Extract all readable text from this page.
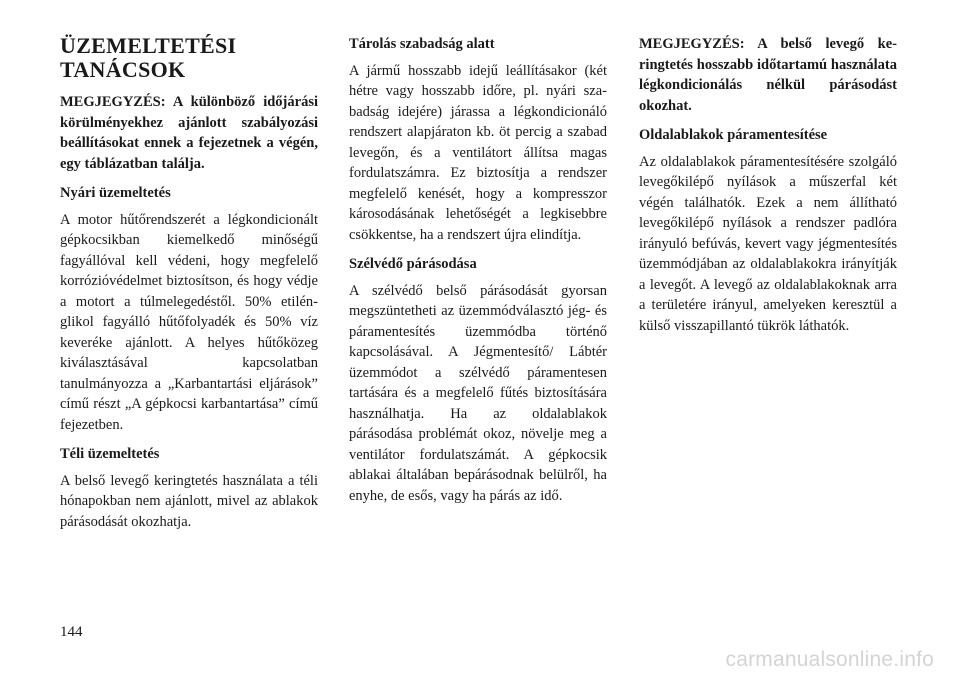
ÜZEMELTETÉSI
TANÁCSOK

MEGJEGYZÉS: A különböző időjárási körülményekhez ajánlott szabályozási beállításokat ennek a fejezetnek a végén, egy táblázatban találja.

Nyári üzemeltetés

A motor hűtőrendszerét a légkondicionált gépkocsikban kiemelkedő minőségű fagyállóval kell védeni, hogy megfelelő korrózióvédelmet biztosítson, és hogy védje a motort a túlmelegedéstől. 50% etilén-glikol fagyálló hűtőfolyadék és 50% víz keveréke ajánlott. A helyes hűtőközeg kiválasztásával kapcsolatban tanulmányozza a „Karbantartási eljárások” című részt „A gépkocsi karbantartása” című fejezetben.

Téli üzemeltetés

A belső levegő keringtetés használata a téli hónapokban nem ajánlott, mivel az ablakok párásodását okozhatja.

Tárolás szabadság alatt

A jármű hosszabb idejű leállításakor (két hétre vagy hosszabb időre, pl. nyári szabadság idejére) járassa a légkondicionáló rendszert alapjáraton kb. öt percig a szabad levegőn, és a ventilátort állítsa magas fordulatszámra. Ez biztosítja a rendszer megfelelő kenését, hogy a kompresszor károsodásának lehetőségét a legkisebbre csökkentse, ha a rendszert újra elindítja.

Szélvédő párásodása

A szélvédő belső párásodását gyorsan megszüntetheti az üzemmódválasztó jég- és páramentesítés üzemmódba történő kapcsolásával. A Jégmentesítő/ Lábtér üzemmódot a szélvédő páramentesen tartására és a megfelelő fűtés biztosítására használhatja. Ha az oldalablakok párásodása problémát okoz, növelje meg a ventilátor fordulatszámát. A gépkocsik ablakai általában bepárásodnak belülről, ha enyhe, de esős, vagy ha párás az idő.

MEGJEGYZÉS: A belső levegő keringtetés hosszabb időtartamú használata légkondicionálás nélkül párásodást okozhat.

Oldalablakok páramentesítése

Az oldalablakok páramentesítésére szolgáló levegőkilépő nyílások a műszerfal két végén találhatók. Ezek a nem állítható levegőkilépő nyílások a rendszer padlóra irányuló befúvás, kevert vagy jégmentesítés üzemmódjában az oldalablakokra irányítják a levegőt. A levegő az oldalablakoknak arra a területére irányul, amelyeken keresztül a külső visszapillantó tükrök láthatók.

144
carmanualsonline.info
